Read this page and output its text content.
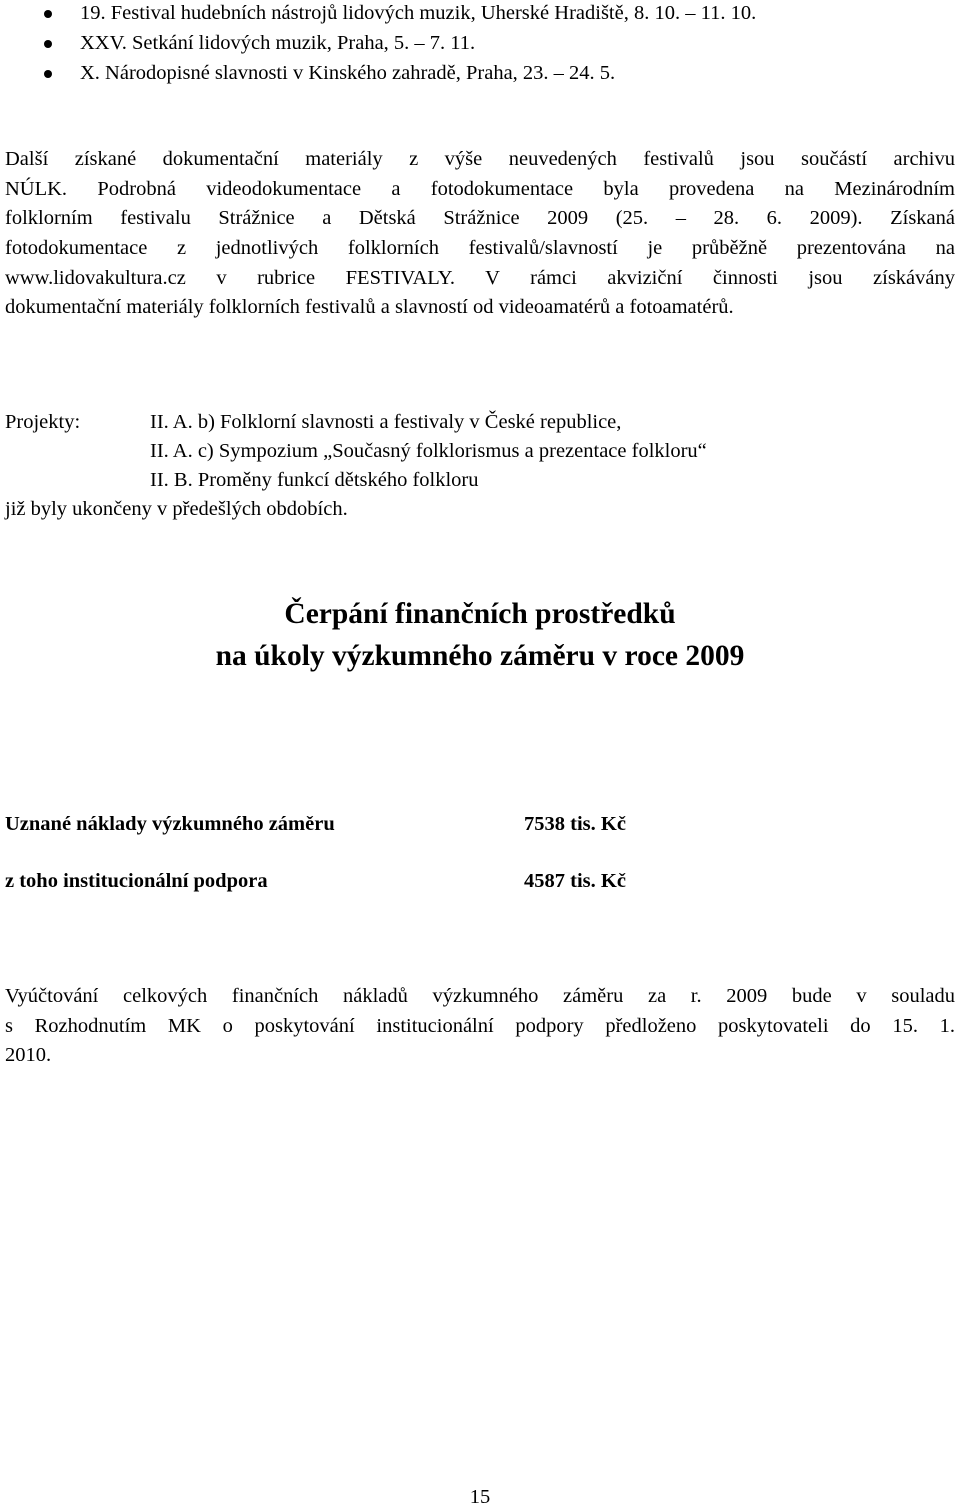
19. Festival hudebních nástrojů lidových muzik, Uherské Hradiště, 8. 10. – 11. 10.
XXV. Setkání lidových muzik, Praha, 5. – 7. 11.
X. Národopisné slavnosti v Kinského zahradě, Praha, 23. – 24. 5.
Další získané dokumentační materiály z výše neuvedených festivalů jsou součástí archivu
NÚLK. Podrobná videodokumentace a fotodokumentace byla provedena na Mezinárodním
folklorním festivalu Strážnice a Dětská Strážnice 2009 (25. – 28. 6. 2009). Získaná
fotodokumentace z jednotlivých folklorních festivalů/slavností je průběžně prezentována na
www.lidovakultura.cz v rubrice FESTIVALY. V rámci akviziční činnosti jsou získávány
dokumentační materiály folklorních festivalů a slavností od videoamatérů a fotoamatérů.
Projekty:	II. A. b) Folklorní slavnosti a festivaly v České republice,
II. A. c) Sympozium „Současný folklorismus a prezentace folkloru“
II. B. Proměny funkcí dětského folkloru
již byly ukončeny v předešlých obdobích.
Čerpání finančních prostředků
na úkoly výzkumného záměru v roce 2009
Uznané náklady výzkumného záměru	7538 tis. Kč
z toho institucionální podpora	4587 tis. Kč
Vyúčtování celkových finančních nákladů výzkumného záměru za r. 2009 bude v souladu
s Rozhodnutím MK o poskytování institucionální podpory předloženo poskytovateli do 15. 1.
2010.
15
